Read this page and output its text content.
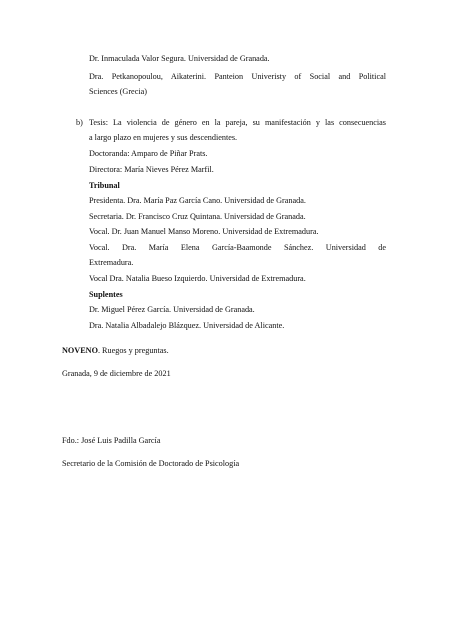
Dr. Inmaculada Valor Segura. Universidad de Granada.
Dra. Petkanopoulou, Aikaterini. Panteion Univeristy of Social and Political
Sciences (Grecia)
b) Tesis: La violencia de género en la pareja, su manifestación y las consecuencias
a largo plazo en mujeres y sus descendientes.
Doctoranda: Amparo de Piñar Prats.
Directora: María Nieves Pérez Marfil.
Tribunal
Presidenta. Dra. María Paz García Cano. Universidad de Granada.
Secretaria. Dr. Francisco Cruz Quintana. Universidad de Granada.
Vocal. Dr. Juan Manuel Manso Moreno. Universidad de Extremadura.
Vocal. Dra. María Elena García-Baamonde Sánchez. Universidad de
Extremadura.
Vocal Dra. Natalia Bueso Izquierdo. Universidad de Extremadura.
Suplentes
Dr. Miguel Pérez García. Universidad de Granada.
Dra. Natalia Albadalejo Blázquez. Universidad de Alicante.
NOVENO. Ruegos y preguntas.
Granada, 9 de diciembre de 2021
Fdo.: José Luis Padilla García
Secretario de la Comisión de Doctorado de Psicología
